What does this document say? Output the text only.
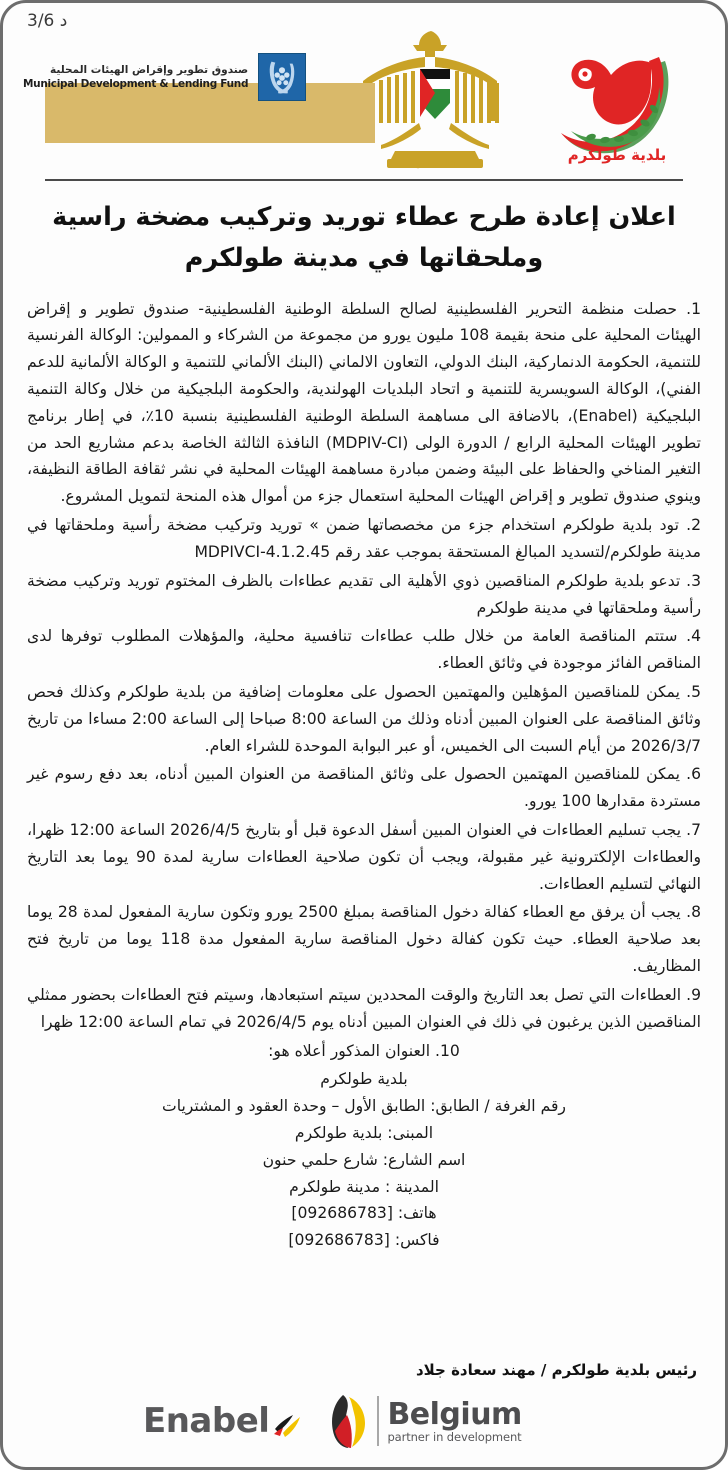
د 3/6
بلدية طولكرم
فلسطين
صندوق تطوير وإقراض الهيئات المحلية
Municipal Development & Lending Fund
اعلان إعادة طرح عطاء توريد وتركيب مضخة راسية
وملحقاتها في مدينة طولكرم

1. حصلت منظمة التحرير الفلسطينية لصالح السلطة الوطنية الفلسطينية- صندوق تطوير و إقراض الهيئات المحلية على منحة بقيمة 108 مليون يورو من مجموعة من الشركاء و الممولين: الوكالة الفرنسية للتنمية، الحكومة الدنماركية، البنك الدولي، التعاون الالماني (البنك الألماني للتنمية و الوكالة الألمانية للدعم الفني)، الوكالة السويسرية للتنمية و اتحاد البلديات الهولندية، والحكومة البلجيكية من خلال وكالة التنمية البلجيكية (Enabel)، بالاضافة الى مساهمة السلطة الوطنية الفلسطينية بنسبة 10٪، في إطار برنامج تطوير الهيئات المحلية الرابع / الدورة الولى (MDPIV-CI) النافذة الثالثة الخاصة بدعم مشاريع الحد من التغير المناخي والحفاظ على البيئة وضمن مبادرة مساهمة الهيئات المحلية في نشر ثقافة الطاقة النظيفة، وينوي صندوق تطوير و إقراض الهيئات المحلية استعمال جزء من أموال هذه المنحة لتمويل المشروع.

2. تود بلدية طولكرم استخدام جزء من مخصصاتها ضمن » توريد وتركيب مضخة رأسية وملحقاتها في مدينة طولكرم/لتسديد المبالغ المستحقة بموجب عقد رقم MDPIVCI-4.1.2.45

3. تدعو بلدية طولكرم المناقصين ذوي الأهلية الى تقديم عطاءات بالظرف المختوم توريد وتركيب مضخة رأسية وملحقاتها في مدينة طولكرم

4. ستتم المناقصة العامة من خلال طلب عطاءات تنافسية محلية، والمؤهلات المطلوب توفرها لدى المناقص الفائز موجودة في وثائق العطاء.

5. يمكن للمناقصين المؤهلين والمهتمين الحصول على معلومات إضافية من بلدية طولكرم وكذلك فحص وثائق المناقصة على العنوان المبين أدناه وذلك من الساعة 8:00 صباحا إلى الساعة 2:00 مساءا من تاريخ 2026/3/7 من أيام السبت الى الخميس، أو عبر البوابة الموحدة للشراء العام.

6. يمكن للمناقصين المهتمين الحصول على وثائق المناقصة من العنوان المبين أدناه، بعد دفع رسوم غير مستردة مقدارها 100 يورو.

7. يجب تسليم العطاءات في العنوان المبين أسفل الدعوة قبل أو بتاريخ 2026/4/5 الساعة 12:00 ظهرا، والعطاءات الإلكترونية غير مقبولة، ويجب أن تكون صلاحية العطاءات سارية لمدة 90 يوما بعد التاريخ النهائي لتسليم العطاءات.

8. يجب أن يرفق مع العطاء كفالة دخول المناقصة بمبلغ 2500 يورو وتكون سارية المفعول لمدة 28 يوما بعد صلاحية العطاء. حيث تكون كفالة دخول المناقصة سارية المفعول مدة 118 يوما من تاريخ فتح المظاريف.

9. العطاءات التي تصل بعد التاريخ والوقت المحددين سيتم استبعادها، وسيتم فتح العطاءات بحضور ممثلي المناقصين الذين يرغبون في ذلك في العنوان المبين أدناه يوم 2026/4/5 في تمام الساعة 12:00 ظهرا

10. العنوان المذكور أعلاه هو:

بلدية طولكرم

رقم الغرفة / الطابق: الطابق الأول – وحدة العقود و المشتريات

المبنى: بلدية طولكرم

اسم الشارع: شارع حلمي حنون

المدينة : مدينة طولكرم

هاتف: [092686783]

فاكس: [092686783]

رئيس بلدية طولكرم / مهند سعادة جلاد
Enabel	Belgium
partner in development
